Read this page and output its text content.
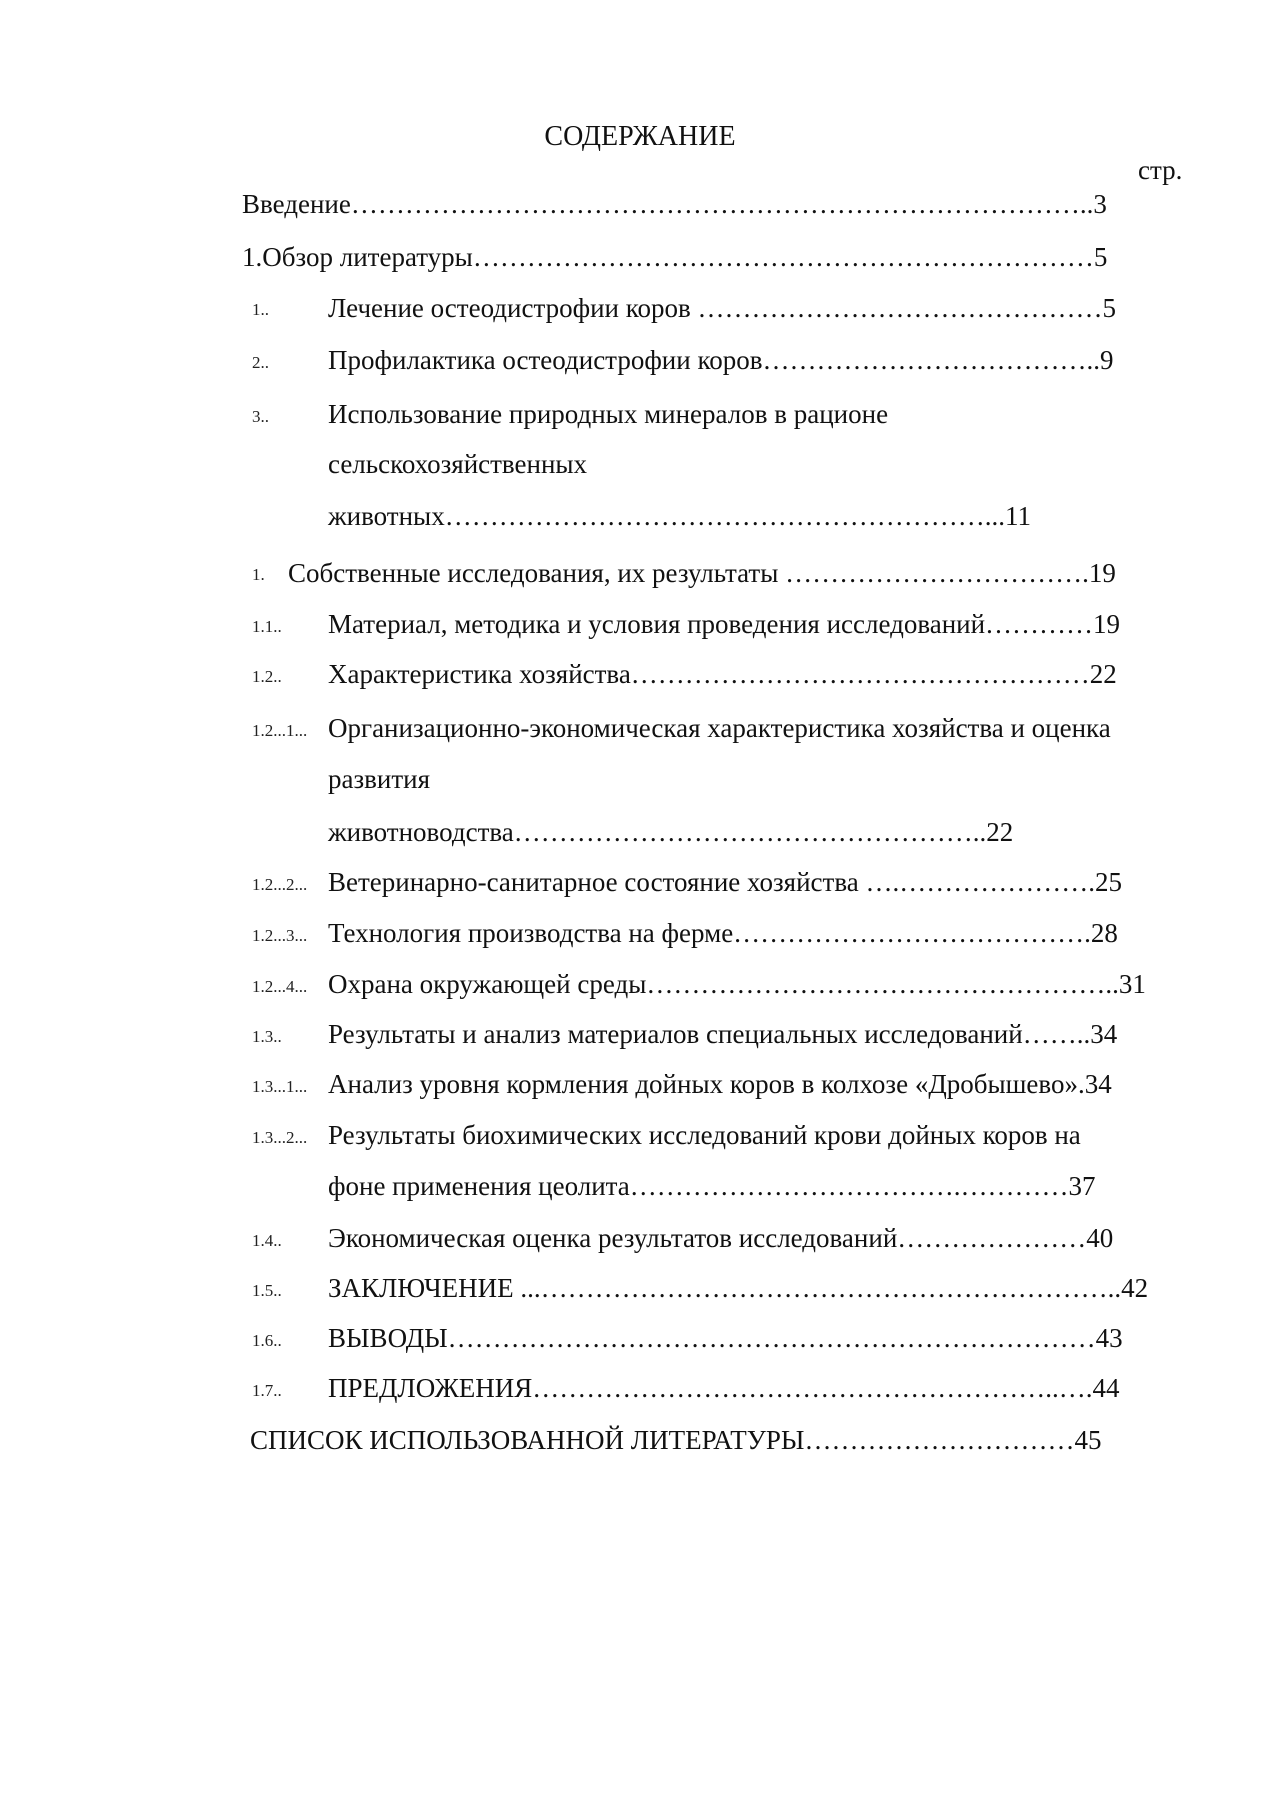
СОДЕРЖАНИЕ
стр.
Введение………………………………………………………………………..3
1.Обзор литературы……………………………………………………………5
1.. Лечение остеодистрофии коров ………………………………………5
2.. Профилактика остеодистрофии коров………………………………..9
3.. Использование природных минералов в рационе
сельскохозяйственных
животных……………………………………………………...11
1. Собственные исследования, их результаты …………………………….19
1.1.. Материал, методика и условия проведения исследований…………19
1.2.. Характеристика хозяйства……………………………………………22
1.2...1... Организационно-экономическая характеристика хозяйства и оценка
развития
животноводства……………………………………………..22
1.2...2... Ветеринарно-санитарное состояние хозяйства ….………………….25
1.2...3... Технология производства на ферме………………………………….28
1.2...4... Охрана окружающей среды……………………………………………..31
1.3.. Результаты и анализ материалов специальных исследований……..34
1.3...1... Анализ уровня кормления дойных коров в колхозе «Дробышево».34
1.3...2... Результаты биохимических исследований крови дойных коров на
фоне применения цеолита……………………………….…………37
1.4.. Экономическая оценка результатов исследований…………………40
1.5.. ЗАКЛЮЧЕНИЕ ...………………………………………………………..42
1.6.. ВЫВОДЫ………………………………………………………………43
1.7.. ПРЕДЛОЖЕНИЯ…………………………………………………..….44
СПИСОК ИСПОЛЬЗОВАННОЙ ЛИТЕРАТУРЫ…………………………45
